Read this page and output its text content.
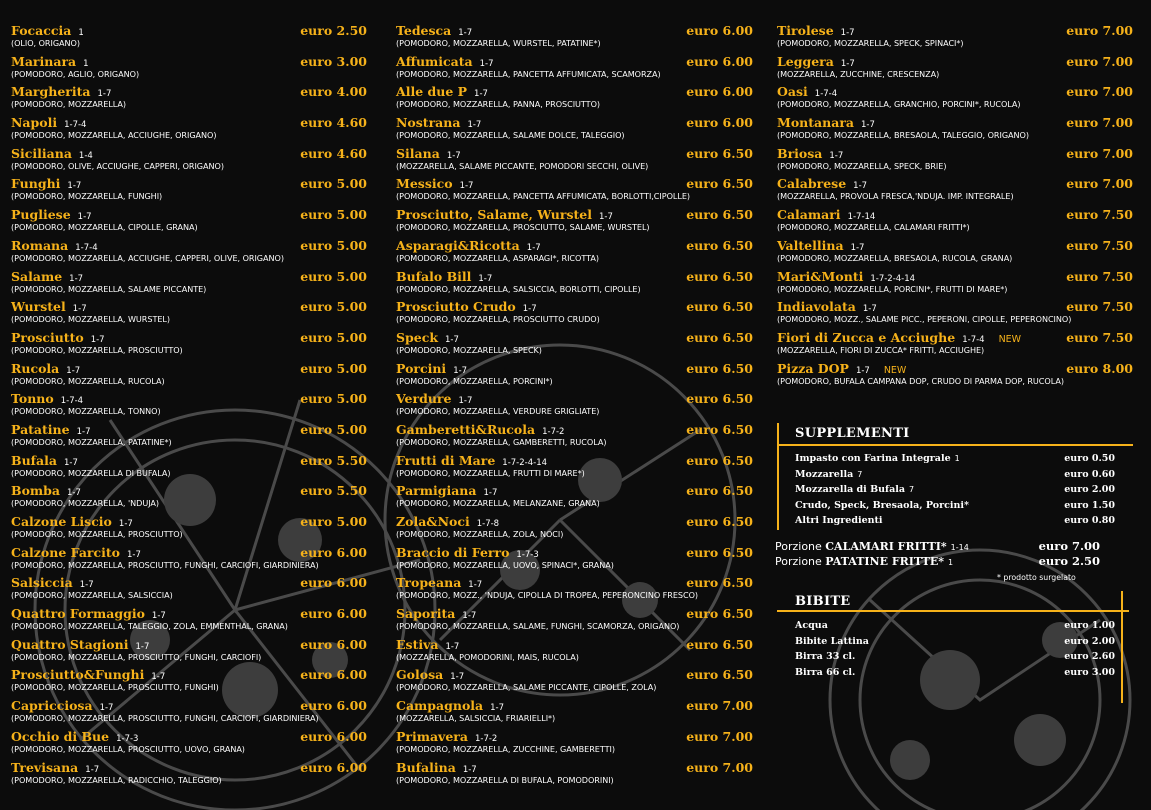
Focaccia 1	euro 2.50
(OLIO, ORIGANO)
Marinara 1	euro 3.00
(POMODORO, AGLIO, ORIGANO)
Margherita 1-7	euro 4.00
(POMODORO, MOZZARELLA)
Napoli 1-7-4	euro 4.60
(POMODORO, MOZZARELLA, ACCIUGHE, ORIGANO)
Siciliana 1-4	euro 4.60
(POMODORO, OLIVE, ACCIUGHE, CAPPERI, ORIGANO)
Funghi 1-7	euro 5.00
(POMODORO, MOZZARELLA, FUNGHI)
Pugliese 1-7	euro 5.00
(POMODORO, MOZZARELLA, CIPOLLE, GRANA)
Romana 1-7-4	euro 5.00
(POMODORO, MOZZARELLA, ACCIUGHE, CAPPERI, OLIVE, ORIGANO)
Salame 1-7	euro 5.00
(POMODORO, MOZZARELLA, SALAME PICCANTE)
Wurstel 1-7	euro 5.00
(POMODORO, MOZZARELLA, WURSTEL)
Prosciutto 1-7	euro 5.00
(POMODORO, MOZZARELLA, PROSCIUTTO)
Rucola 1-7	euro 5.00
(POMODORO, MOZZARELLA, RUCOLA)
Tonno 1-7-4	euro 5.00
(POMODORO, MOZZARELLA, TONNO)
Patatine 1-7	euro 5.00
(POMODORO, MOZZARELLA, PATATINE*)
Bufala 1-7	euro 5.50
(POMODORO, MOZZARELLA DI BUFALA)
Bomba 1-7	euro 5.50
(POMODORO, MOZZARELLA, 'NDUJA)
Calzone Liscio 1-7	euro 5.00
(POMODORO, MOZZARELLA, PROSCIUTTO)
Calzone Farcito 1-7	euro 6.00
(POMODORO, MOZZARELLA, PROSCIUTTO, FUNGHI, CARCIOFI, GIARDINIERA)
Salsiccia 1-7	euro 6.00
(POMODORO, MOZZARELLA, SALSICCIA)
Quattro Formaggio 1-7	euro 6.00
(POMODORO, MOZZARELLA, TALEGGIO, ZOLA, EMMENTHAL, GRANA)
Quattro Stagioni 1-7	euro 6.00
(POMODORO, MOZZARELLA, PROSCIUTTO, FUNGHI, CARCIOFI)
Prosciutto&Funghi 1-7	euro 6.00
(POMODORO, MOZZARELLA, PROSCIUTTO, FUNGHI)
Capricciosa 1-7	euro 6.00
(POMODORO, MOZZARELLA, PROSCIUTTO, FUNGHI, CARCIOFI, GIARDINIERA)
Occhio di Bue 1-7-3	euro 6.00
(POMODORO, MOZZARELLA, PROSCIUTTO, UOVO, GRANA)
Trevisana 1-7	euro 6.00
(POMODORO, MOZZARELLA, RADICCHIO, TALEGGIO)
Tedesca 1-7	euro 6.00
(POMODORO, MOZZARELLA, WURSTEL, PATATINE*)
Affumicata 1-7	euro 6.00
(POMODORO, MOZZARELLA, PANCETTA AFFUMICATA, SCAMORZA)
Alle due P 1-7	euro 6.00
(POMODORO, MOZZARELLA, PANNA, PROSCIUTTO)
Nostrana 1-7	euro 6.00
(POMODORO, MOZZARELLA, SALAME DOLCE, TALEGGIO)
Silana 1-7	euro 6.50
(MOZZARELLA, SALAME PICCANTE, POMODORI SECCHI, OLIVE)
Messico 1-7	euro 6.50
(POMODORO, MOZZARELLA, PANCETTA AFFUMICATA, BORLOTTI,CIPOLLE)
Prosciutto, Salame, Wurstel 1-7	euro 6.50
(POMODORO, MOZZARELLA, PROSCIUTTO, SALAME, WURSTEL)
Asparagi&Ricotta 1-7	euro 6.50
(POMODORO, MOZZARELLA, ASPARAGI*, RICOTTA)
Bufalo Bill 1-7	euro 6.50
(POMODORO, MOZZARELLA, SALSICCIA, BORLOTTI, CIPOLLE)
Prosciutto Crudo 1-7	euro 6.50
(POMODORO, MOZZARELLA, PROSCIUTTO CRUDO)
Speck 1-7	euro 6.50
(POMODORO, MOZZARELLA, SPECK)
Porcini 1-7	euro 6.50
(POMODORO, MOZZARELLA, PORCINI*)
Verdure 1-7	euro 6.50
(POMODORO, MOZZARELLA, VERDURE GRIGLIATE)
Gamberetti&Rucola 1-7-2	euro 6.50
(POMODORO, MOZZARELLA, GAMBERETTI, RUCOLA)
Frutti di Mare 1-7-2-4-14	euro 6.50
(POMODORO, MOZZARELLA, FRUTTI DI MARE*)
Parmigiana 1-7	euro 6.50
(POMODORO, MOZZARELLA, MELANZANE, GRANA)
Zola&Noci 1-7-8	euro 6.50
(POMODORO, MOZZARELLA, ZOLA, NOCI)
Braccio di Ferro 1-7-3	euro 6.50
(POMODORO, MOZZARELLA, UOVO, SPINACI*, GRANA)
Tropeana 1-7	euro 6.50
(POMODORO, MOZZ., 'NDUJA, CIPOLLA DI TROPEA, PEPERONCINO FRESCO)
Saporita 1-7	euro 6.50
(POMODORO, MOZZARELLA, SALAME, FUNGHI, SCAMORZA, ORIGANO)
Estiva 1-7	euro 6.50
(MOZZARELLA, POMODORINI, MAIS, RUCOLA)
Golosa 1-7	euro 6.50
(POMODORO, MOZZARELLA, SALAME PICCANTE, CIPOLLE, ZOLA)
Campagnola 1-7	euro 7.00
(MOZZARELLA, SALSICCIA, FRIARIELLI*)
Primavera 1-7-2	euro 7.00
(POMODORO, MOZZARELLA, ZUCCHINE, GAMBERETTI)
Bufalina 1-7	euro 7.00
(POMODORO, MOZZARELLA DI BUFALA, POMODORINI)
Tirolese 1-7	euro 7.00
(POMODORO, MOZZARELLA, SPECK, SPINACI*)
Leggera 1-7	euro 7.00
(MOZZARELLA, ZUCCHINE, CRESCENZA)
Oasi 1-7-4	euro 7.00
(POMODORO, MOZZARELLA, GRANCHIO, PORCINI*, RUCOLA)
Montanara 1-7	euro 7.00
(POMODORO, MOZZARELLA, BRESAOLA, TALEGGIO, ORIGANO)
Briosa 1-7	euro 7.00
(POMODORO, MOZZARELLA, SPECK, BRIE)
Calabrese 1-7	euro 7.00
(MOZZARELLA, PROVOLA FRESCA,'NDUJA. IMP. INTEGRALE)
Calamari 1-7-14	euro 7.50
(POMODORO, MOZZARELLA, CALAMARI FRITTI*)
Valtellina 1-7	euro 7.50
(POMODORO, MOZZARELLA, BRESAOLA, RUCOLA, GRANA)
Mari&Monti 1-7-2-4-14	euro 7.50
(POMODORO, MOZZARELLA, PORCINI*, FRUTTI DI MARE*)
Indiavolata 1-7	euro 7.50
(POMODORO, MOZZ., SALAME PICC., PEPERONI, CIPOLLE, PEPERONCINO)
Fiori di Zucca e Acciughe 1-7-4 NEW	euro 7.50
(MOZZARELLA, FIORI DI ZUCCA* FRITTI, ACCIUGHE)
Pizza DOP 1-7 NEW	euro 8.00
(POMODORO, BUFALA CAMPANA DOP, CRUDO DI PARMA DOP, RUCOLA)
SUPPLEMENTI
Impasto con Farina Integrale 1	euro 0.50
Mozzarella 7	euro 0.60
Mozzarella di Bufala 7	euro 2.00
Crudo, Speck, Bresaola, Porcini*	euro 1.50
Altri Ingredienti	euro 0.80
Porzione CALAMARI FRITTI* 1-14	euro 7.00
Porzione PATATINE FRITTE* 1	euro 2.50
* prodotto surgelato
BIBITE
Acqua	euro 1.00
Bibite Lattina	euro 2.00
Birra 33 cl.	euro 2.60
Birra 66 cl.	euro 3.00
